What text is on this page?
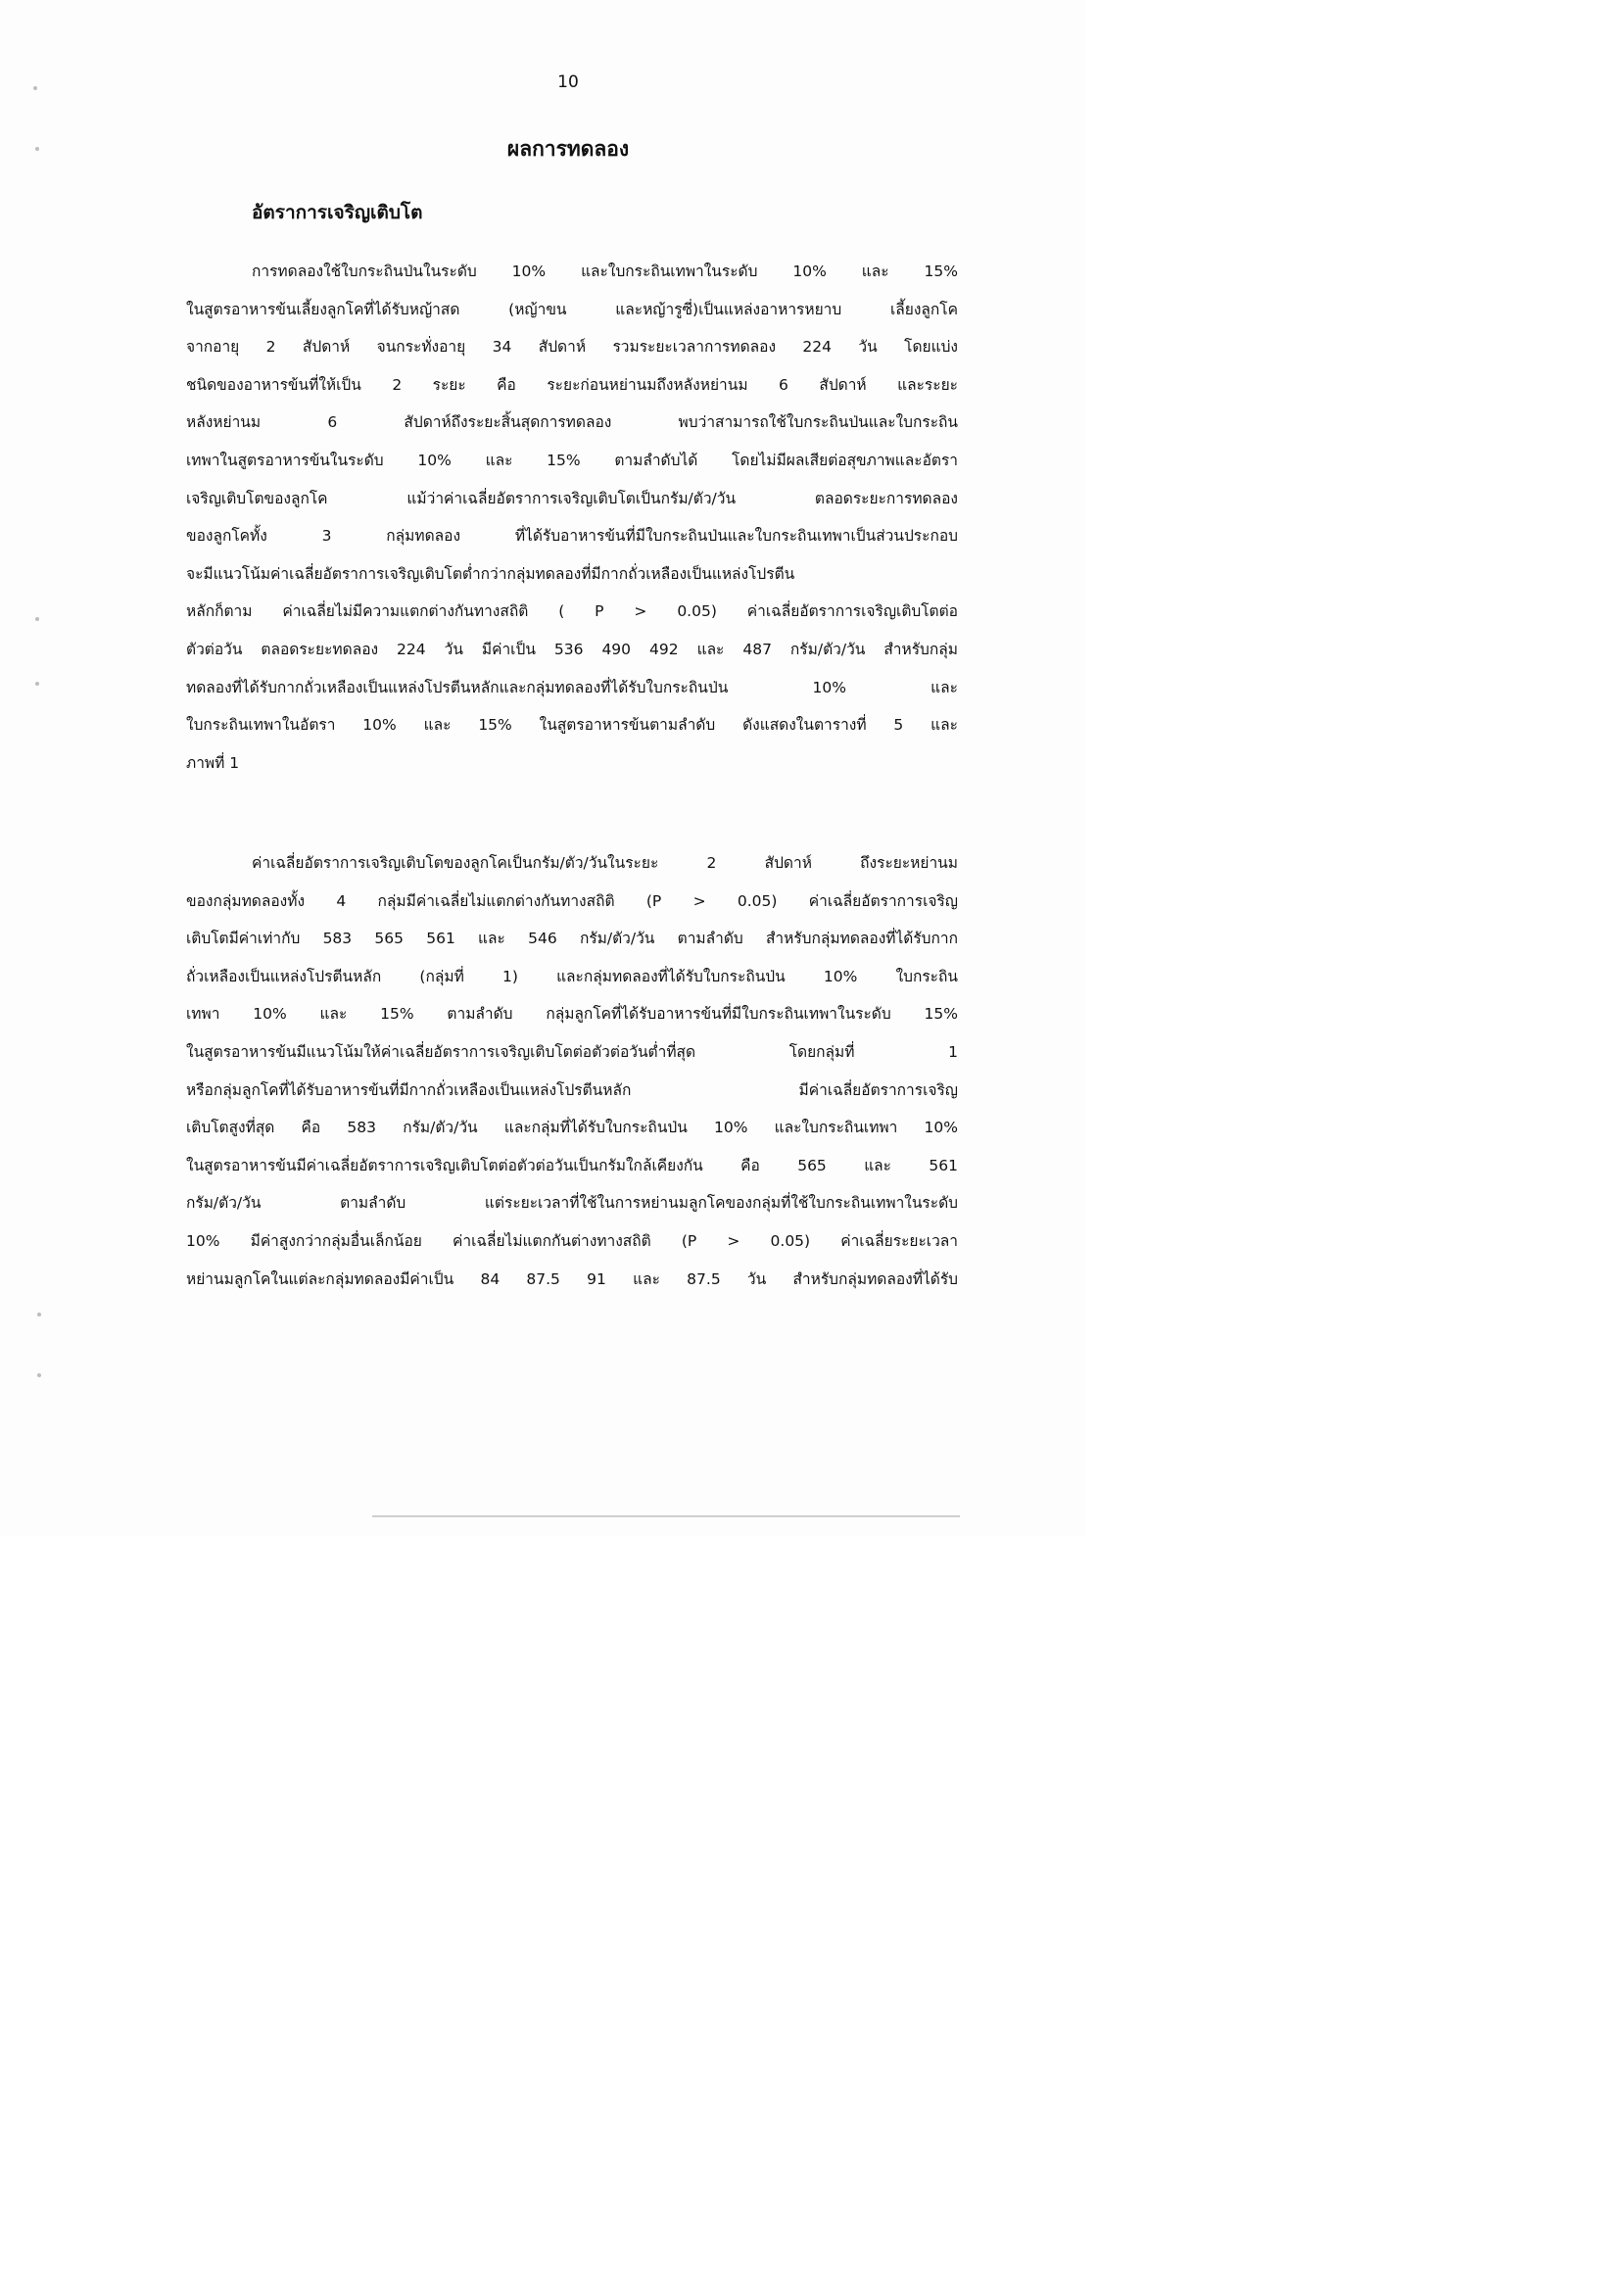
10
ผลการทดลอง
อัตราการเจริญเติบโต
การทดลองใช้ใบกระถินป่นในระดับ 10% และใบกระถินเทพาในระดับ 10% และ 15%
ในสูตรอาหารข้นเลี้ยงลูกโคที่ได้รับหญ้าสด (หญ้าขน และหญ้ารูซี่)เป็นแหล่งอาหารหยาบ เลี้ยงลูกโค
จากอายุ 2 สัปดาห์ จนกระทั่งอายุ 34 สัปดาห์ รวมระยะเวลาการทดลอง 224 วัน โดยแบ่ง
ชนิดของอาหารข้นที่ให้เป็น 2 ระยะ คือ ระยะก่อนหย่านมถึงหลังหย่านม 6 สัปดาห์ และระยะ
หลังหย่านม 6 สัปดาห์ถึงระยะสิ้นสุดการทดลอง พบว่าสามารถใช้ใบกระถินป่นและใบกระถิน
เทพาในสูตรอาหารข้นในระดับ 10% และ 15% ตามลำดับได้ โดยไม่มีผลเสียต่อสุขภาพและอัตรา
เจริญเติบโตของลูกโค แม้ว่าค่าเฉลี่ยอัตราการเจริญเติบโตเป็นกรัม/ตัว/วัน ตลอดระยะการทดลอง
ของลูกโคทั้ง 3 กลุ่มทดลอง ที่ได้รับอาหารข้นที่มีใบกระถินป่นและใบกระถินเทพาเป็นส่วนประกอบ
จะมีแนวโน้มค่าเฉลี่ยอัตราการเจริญเติบโตต่ำกว่ากลุ่มทดลองที่มีกากถั่วเหลืองเป็นแหล่งโปรตีน
หลักก็ตาม ค่าเฉลี่ยไม่มีความแตกต่างกันทางสถิติ ( P > 0.05) ค่าเฉลี่ยอัตราการเจริญเติบโตต่อ
ตัวต่อวัน ตลอดระยะทดลอง 224 วัน มีค่าเป็น 536 490 492 และ 487 กรัม/ตัว/วัน สำหรับกลุ่ม
ทดลองที่ได้รับกากถั่วเหลืองเป็นแหล่งโปรตีนหลักและกลุ่มทดลองที่ได้รับใบกระถินป่น 10% และ
ใบกระถินเทพาในอัตรา 10% และ 15% ในสูตรอาหารข้นตามลำดับ ดังแสดงในตารางที่ 5 และ
ภาพที่ 1
ค่าเฉลี่ยอัตราการเจริญเติบโตของลูกโคเป็นกรัม/ตัว/วันในระยะ 2 สัปดาห์ ถึงระยะหย่านม
ของกลุ่มทดลองทั้ง 4 กลุ่มมีค่าเฉลี่ยไม่แตกต่างกันทางสถิติ (P > 0.05) ค่าเฉลี่ยอัตราการเจริญ
เติบโตมีค่าเท่ากับ 583 565 561 และ 546 กรัม/ตัว/วัน ตามลำดับ สำหรับกลุ่มทดลองที่ได้รับกาก
ถั่วเหลืองเป็นแหล่งโปรตีนหลัก (กลุ่มที่ 1) และกลุ่มทดลองที่ได้รับใบกระถินป่น 10% ใบกระถิน
เทพา 10% และ 15% ตามลำดับ กลุ่มลูกโคที่ได้รับอาหารข้นที่มีใบกระถินเทพาในระดับ 15%
ในสูตรอาหารข้นมีแนวโน้มให้ค่าเฉลี่ยอัตราการเจริญเติบโตต่อตัวต่อวันต่ำที่สุด โดยกลุ่มที่ 1
หรือกลุ่มลูกโคที่ได้รับอาหารข้นที่มีกากถั่วเหลืองเป็นแหล่งโปรตีนหลัก มีค่าเฉลี่ยอัตราการเจริญ
เติบโตสูงที่สุด คือ 583 กรัม/ตัว/วัน และกลุ่มที่ได้รับใบกระถินป่น 10% และใบกระถินเทพา 10%
ในสูตรอาหารข้นมีค่าเฉลี่ยอัตราการเจริญเติบโตต่อตัวต่อวันเป็นกรัมใกล้เคียงกัน คือ 565 และ 561
กรัม/ตัว/วัน ตามลำดับ แต่ระยะเวลาที่ใช้ในการหย่านมลูกโคของกลุ่มที่ใช้ใบกระถินเทพาในระดับ
10% มีค่าสูงกว่ากลุ่มอื่นเล็กน้อย ค่าเฉลี่ยไม่แตกกันต่างทางสถิติ (P > 0.05) ค่าเฉลี่ยระยะเวลา
หย่านมลูกโคในแต่ละกลุ่มทดลองมีค่าเป็น 84 87.5 91 และ 87.5 วัน สำหรับกลุ่มทดลองที่ได้รับ
